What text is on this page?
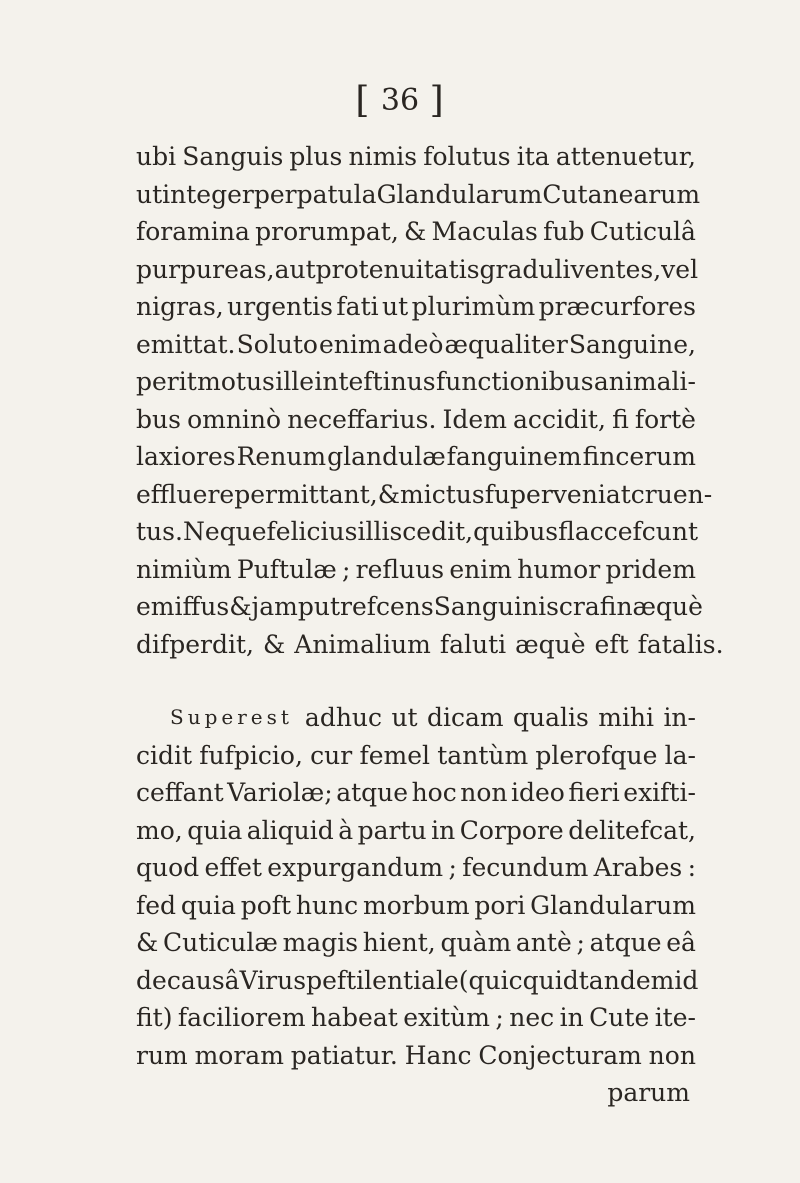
[ 36 ]
ubi Sanguis plus nimis folutus ita attenuetur,
ut integer per patula Glandularum Cutanearum
foramina prorumpat, & Maculas fub Cuticulâ
purpureas, aut pro tenuitatis gradu liventes, vel
nigras, urgentis fati ut plurimùm præcurfores
emittat. Soluto enim adeò æqualiter Sanguine,
perit motus ille inteftinus functionibus animali-
bus omninò neceffarius. Idem accidit, fi fortè
laxiores Renum glandulæ fanguinem fincerum
effluere permittant, & mictus fuperveniat cruen-
tus. Neque felicius illis cedit, quibus flaccefcunt
nimiùm Puftulæ ; refluus enim humor pridem
emiffus & jam putrefcens Sanguinis crafin æquè
difperdit, & Animalium faluti æquè eft fatalis.
Superest adhuc ut dicam qualis mihi in-
cidit fufpicio, cur femel tantùm plerofque la-
ceffant Variolæ; atque hoc non ideo fieri exifti-
mo, quia aliquid à partu in Corpore delitefcat,
quod effet expurgandum ; fecundum Arabes :
fed quia poft hunc morbum pori Glandularum
& Cuticulæ magis hient, quàm antè ; atque eâ
de causâ Virus peftilentiale (quicquid tandem id
fit) faciliorem habeat exitùm ; nec in Cute ite-
rum moram patiatur. Hanc Conjecturam non
parum
